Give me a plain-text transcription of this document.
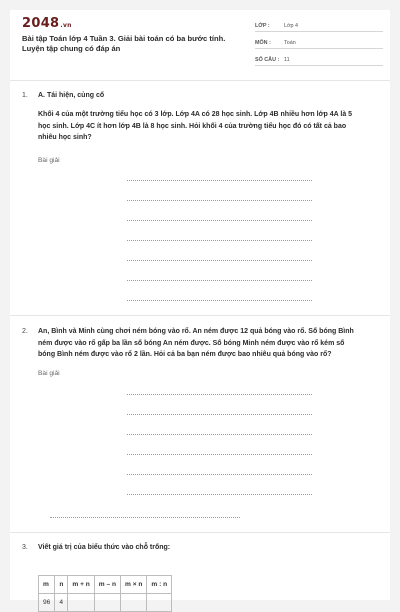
2048.vn
Bài tập Toán lớp 4 Tuần 3. Giải bài toán có ba bước tính.
Luyện tập chung có đáp án
LỚP :	Lớp 4
MÔN : Toán
SỐ CÂU : 11
1. A. Tái hiện, củng cố
Khối 4 của một trường tiểu học có 3 lớp. Lớp 4A có 28 học sinh. Lớp 4B nhiều hơn lớp 4A là 5
học sinh. Lớp 4C ít hơn lớp 4B là 8 học sinh. Hỏi khối 4 của trường tiểu học đó có tất cả bao
nhiêu học sinh?
Bài giải
2. An, Bình và Minh cùng chơi ném bóng vào rổ. An ném được 12 quả bóng vào rổ. Số bóng Bình
ném được vào rổ gấp ba lần số bóng An ném được. Số bóng Minh ném được vào rổ kém số
bóng Bình ném được vào rổ 2 lần. Hỏi cả ba bạn ném được bao nhiêu quả bóng vào rổ?
Bài giải
3. Viết giá trị của biểu thức vào chỗ trống:
m	n	m + n	m – n	m × n	m : n
96	4				
